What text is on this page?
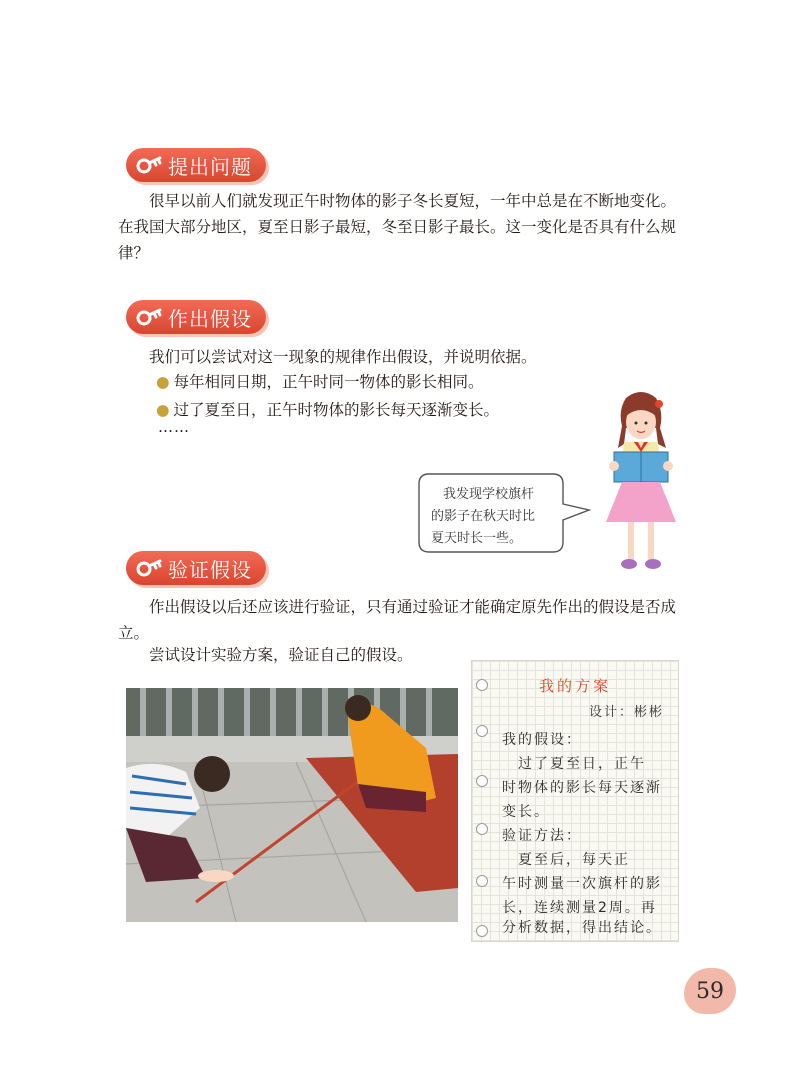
提出问题
很早以前人们就发现正午时物体的影子冬长夏短，一年中总是在不断地变化。在我国大部分地区，夏至日影子最短，冬至日影子最长。这一变化是否具有什么规律？
作出假设
我们可以尝试对这一现象的规律作出假设，并说明依据。
● 每年相同日期，正午时同一物体的影长相同。
● 过了夏至日，正午时物体的影长每天逐渐变长。
……
我发现学校旗杆
的影子在秋天时比
夏天时长一些。
验证假设
作出假设以后还应该进行验证，只有通过验证才能确定原先作出的假设是否成立。
尝试设计实验方案，验证自己的假设。
我的方案
设计：彬彬
我的假设：
　过了夏至日，正午
时物体的影长每天逐渐
变长。
验证方法：
　夏至后，每天正
午时测量一次旗杆的影
长，连续测量2周。再
分析数据，得出结论。
59
